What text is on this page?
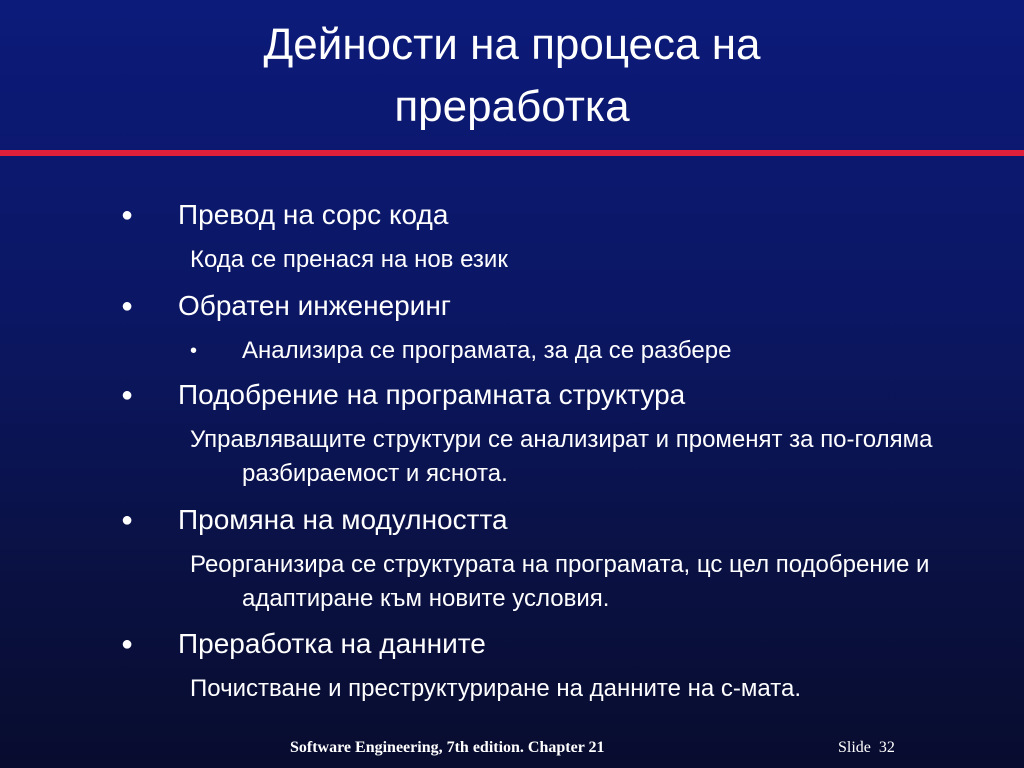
Дейности на процеса на
преработка
● Превод на сорс кода
Кода се пренася на нов език
● Обратен инженеринг
• Анализира се програмата, за да се разбере
● Подобрение на програмната структура
Управляващите структури се анализират и променят за по-голяма разбираемост и яснота.
● Промяна на модулността
Реорганизира се структурата на програмата, цс цел подобрение и адаптиране към новите условия.
● Преработка на данните
Почистване и преструктуриране на данните на с-мата.
Software Engineering, 7th edition. Chapter 21	Slide 32
